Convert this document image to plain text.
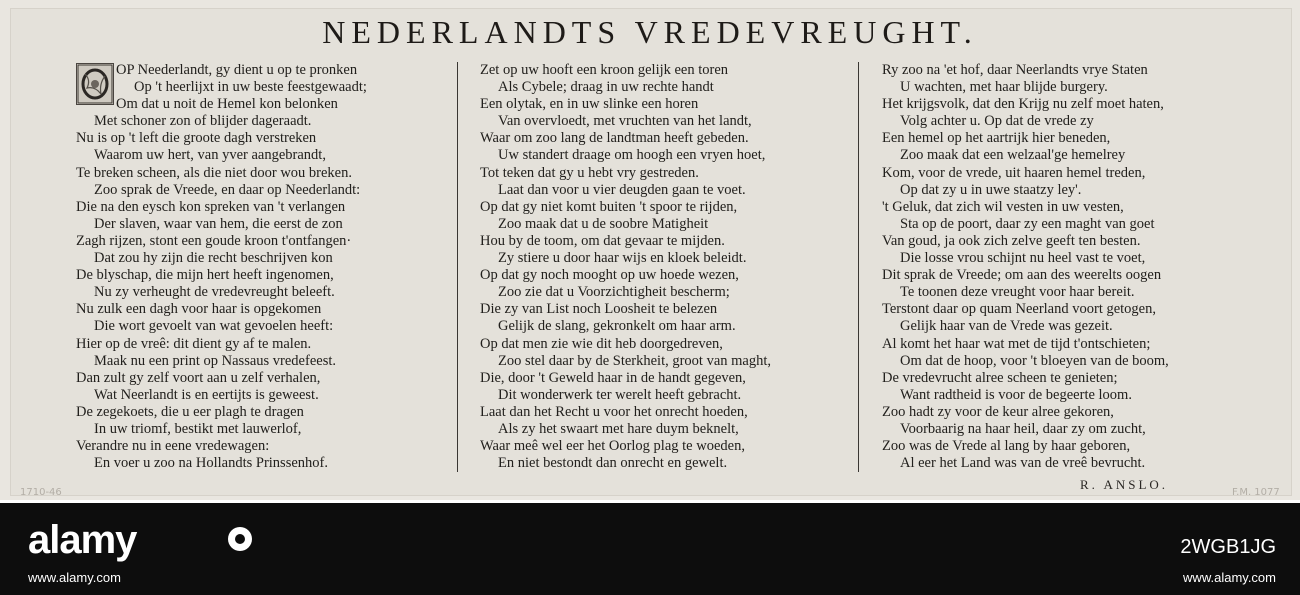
NEDERLANDTS VREDEVREUGHT.
OP Neederlandt, gy dient u op te pronken
Op 't heerlijxt in uw beste feestgewaadt;
Om dat u noit de Hemel kon belonken
Met schoner zon of blijder dageraadt.
Nu is op 't left die groote dagh verstreken
Waarom uw hert, van yver aangebrandt,
Te breken scheen, als die niet door wou breken.
Zoo sprak de Vreede, en daar op Neederlandt:
Die na den eysch kon spreken van 't verlangen
Der slaven, waar van hem, die eerst de zon
Zagh rijzen, stont een goude kroon t'ontfangen·
Dat zou hy zijn die recht beschrijven kon
De blyschap, die mijn hert heeft ingenomen,
Nu zy verheught de vredevreught beleeft.
Nu zulk een dagh voor haar is opgekomen
Die wort gevoelt van wat gevoelen heeft:
Hier op de vreê: dit dient gy af te malen.
Maak nu een print op Nassaus vredefeest.
Dan zult gy zelf voort aan u zelf verhalen,
Wat Neerlandt is en eertijts is geweest.
De zegekoets, die u eer plagh te dragen
In uw triomf, bestikt met lauwerlof,
Verandre nu in eene vredewagen:
En voer u zoo na Hollandts Prinssenhof.
Zet op uw hooft een kroon gelijk een toren
Als Cybele; draag in uw rechte handt
Een olytak, en in uw slinke een horen
Van overvloedt, met vruchten van het landt,
Waar om zoo lang de landtman heeft gebeden.
Uw standert draage om hoogh een vryen hoet,
Tot teken dat gy u hebt vry gestreden.
Laat dan voor u vier deugden gaan te voet.
Op dat gy niet komt buiten 't spoor te rijden,
Zoo maak dat u de soobre Matigheit
Hou by de toom, om dat gevaar te mijden.
Zy stiere u door haar wijs en kloek beleidt.
Op dat gy noch mooght op uw hoede wezen,
Zoo zie dat u Voorzichtigheit bescherm;
Die zy van List noch Loosheit te belezen
Gelijk de slang, gekronkelt om haar arm.
Op dat men zie wie dit heb doorgedreven,
Zoo stel daar by de Sterkheit, groot van maght,
Die, door 't Geweld haar in de handt gegeven,
Dit wonderwerk ter werelt heeft gebracht.
Laat dan het Recht u voor het onrecht hoeden,
Als zy het swaart met hare duym beknelt,
Waar meê wel eer het Oorlog plag te woeden,
En niet bestondt dan onrecht en gewelt.
Ry zoo na 'et hof, daar Neerlandts vrye Staten
U wachten, met haar blijde burgery.
Het krijgsvolk, dat den Krijg nu zelf moet haten,
Volg achter u. Op dat de vrede zy
Een hemel op het aartrijk hier beneden,
Zoo maak dat een welzaal'ge hemelrey
Kom, voor de vrede, uit haaren hemel treden,
Op dat zy u in uwe staatzy ley'.
't Geluk, dat zich wil vesten in uw vesten,
Sta op de poort, daar zy een maght van goet
Van goud, ja ook zich zelve geeft ten besten.
Die losse vrou schijnt nu heel vast te voet,
Dit sprak de Vreede; om aan des weerelts oogen
Te toonen deze vreught voor haar bereit.
Terstont daar op quam Neerland voort getogen,
Gelijk haar van de Vrede was gezeit.
Al komt het haar wat met de tijd t'ontschieten;
Om dat de hoop, voor 't bloeyen van de boom,
De vredevrucht alree scheen te genieten;
Want radtheid is voor de begeerte loom.
Zoo hadt zy voor de keur alree gekoren,
Voorbaarig na haar heil, daar zy om zucht,
Zoo was de Vrede al lang by haar geboren,
Al eer het Land was van de vreê bevrucht.
R. ANSLO.
1710-46	F.M. 1077
alamy	2WGB1JG
www.alamy.com	www.alamy.com
